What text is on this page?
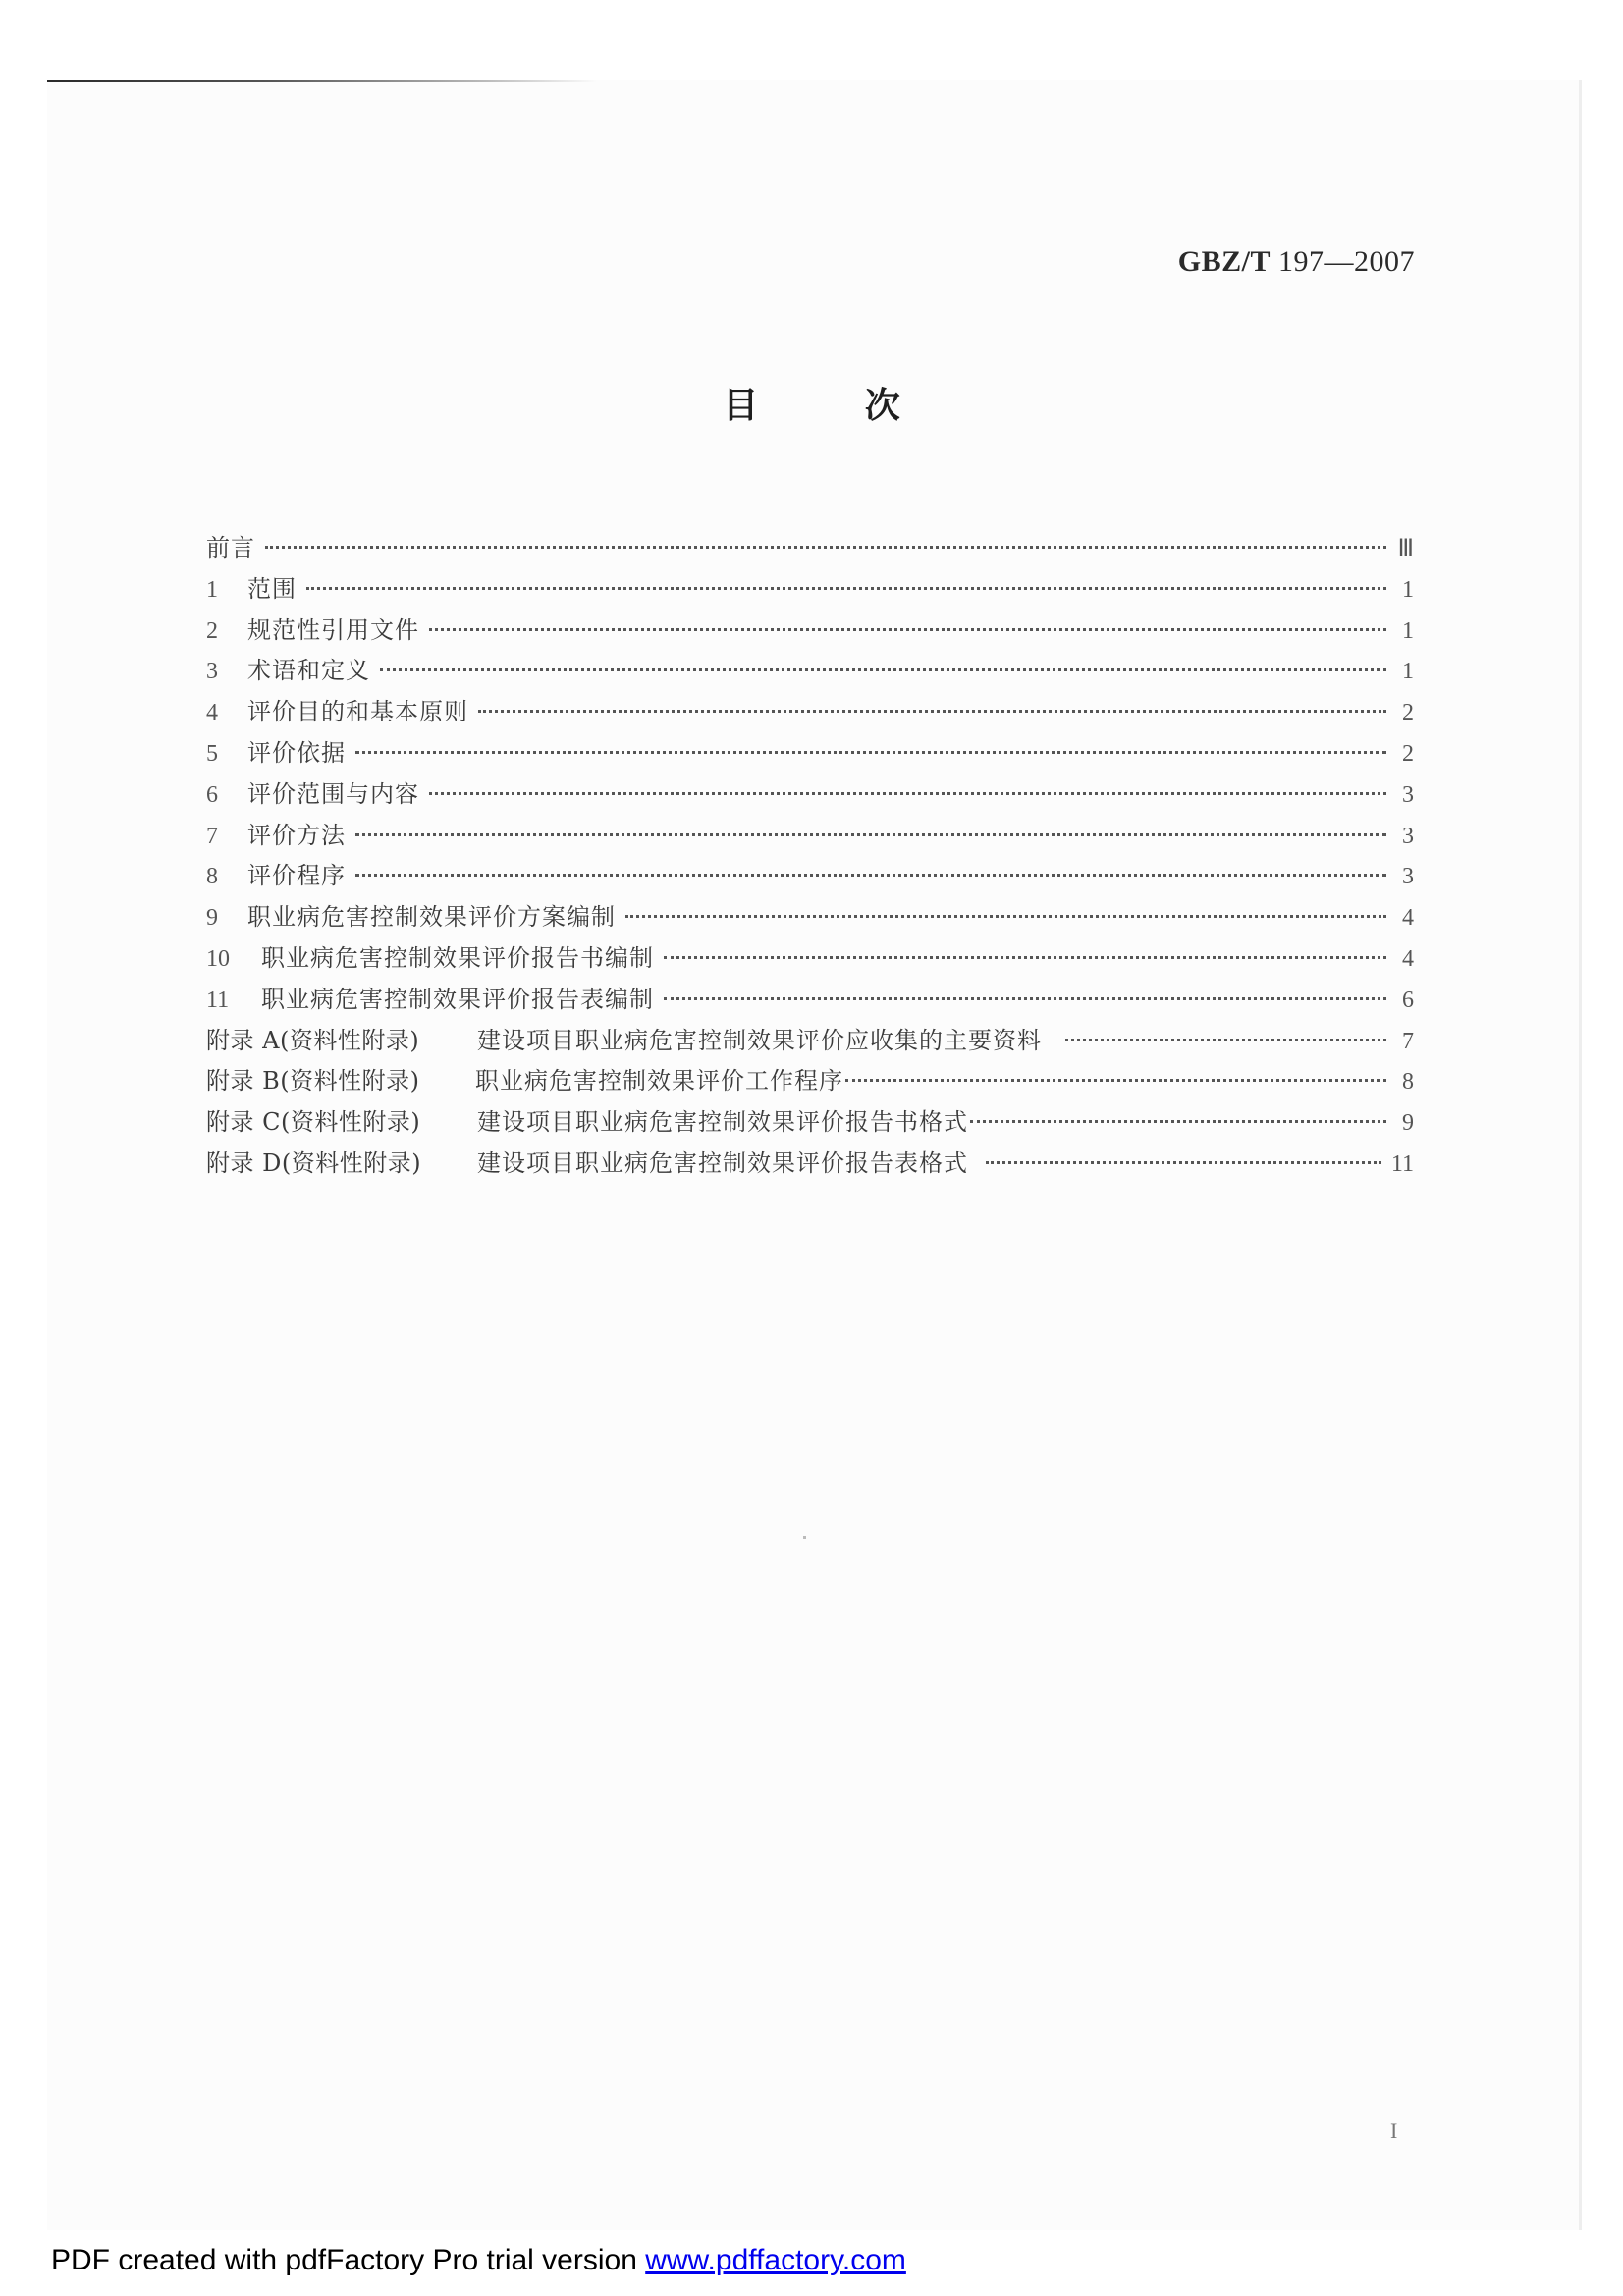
GBZ/T 197—2007
目	次
前言	Ⅲ
1	范围	1
2	规范性引用文件	1
3	术语和定义	1
4	评价目的和基本原则	2
5	评价依据	2
6	评价范围与内容	3
7	评价方法	3
8	评价程序	3
9	职业病危害控制效果评价方案编制	4
10	职业病危害控制效果评价报告书编制	4
11	职业病危害控制效果评价报告表编制	6
附录 A(资料性附录)	建设项目职业病危害控制效果评价应收集的主要资料	7
附录 B(资料性附录)	职业病危害控制效果评价工作程序	8
附录 C(资料性附录)	建设项目职业病危害控制效果评价报告书格式	9
附录 D(资料性附录)	建设项目职业病危害控制效果评价报告表格式	11
I
PDF created with pdfFactory Pro trial version www.pdffactory.com
